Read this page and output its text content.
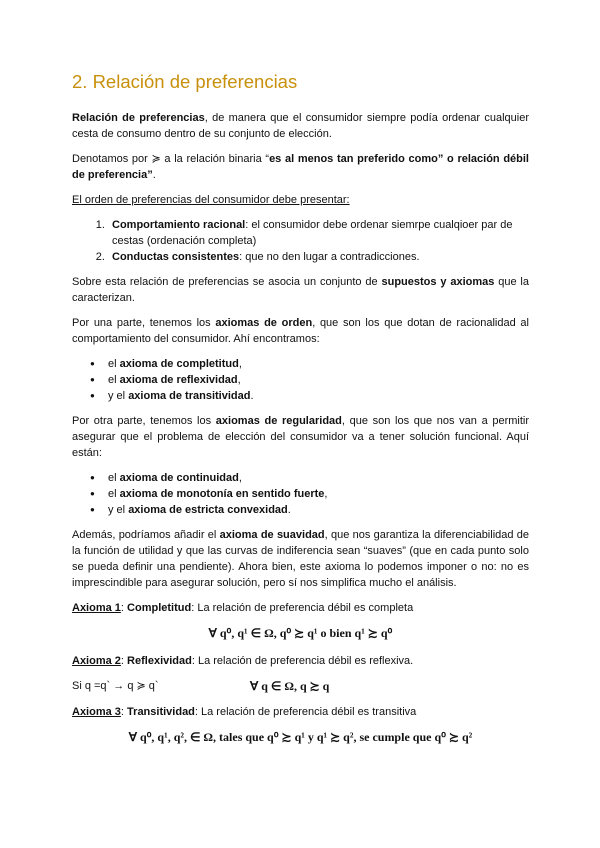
2. Relación de preferencias

Relación de preferencias, de manera que el consumidor siempre podía ordenar cualquier cesta de consumo dentro de su conjunto de elección.

Denotamos por ≽ a la relación binaria “es al menos tan preferido como” o relación débil de preferencia”.

El orden de preferencias del consumidor debe presentar:

1. Comportamiento racional: el consumidor debe ordenar siemrpe cualqioer par de cestas (ordenación completa)
2. Conductas consistentes: que no den lugar a contradicciones.

Sobre esta relación de preferencias se asocia un conjunto de supuestos y axiomas que la caracterizan.

Por una parte, tenemos los axiomas de orden, que son los que dotan de racionalidad al comportamiento del consumidor. Ahí encontramos:

● el axioma de completitud,
● el axioma de reflexividad,
● y el axioma de transitividad.

Por otra parte, tenemos los axiomas de regularidad, que son los que nos van a permitir asegurar que el problema de elección del consumidor va a tener solución funcional. Aquí están:

● el axioma de continuidad,
● el axioma de monotonía en sentido fuerte,
● y el axioma de estricta convexidad.

Además, podríamos añadir el axioma de suavidad, que nos garantiza la diferenciabilidad de la función de utilidad y que las curvas de indiferencia sean “suaves” (que en cada punto solo se pueda definir una pendiente). Ahora bien, este axioma lo podemos imponer o no: no es imprescindible para asegurar solución, pero sí nos simplifica mucho el análisis.

Axioma 1: Completitud: La relación de preferencia débil es completa

∀ q⁰, q¹ ∈ Ω, q⁰ ≿ q¹ o bien q¹ ≿ q⁰

Axioma 2: Reflexividad: La relación de preferencia débil es reflexiva.

Si q =q` → q ≽ q`	∀ q ∈ Ω, q ≿ q

Axioma 3: Transitividad: La relación de preferencia débil es transitiva

∀ q⁰, q¹, q², ∈ Ω, tales que q⁰ ≿ q¹ y q¹ ≿ q², se cumple que q⁰ ≿ q²
